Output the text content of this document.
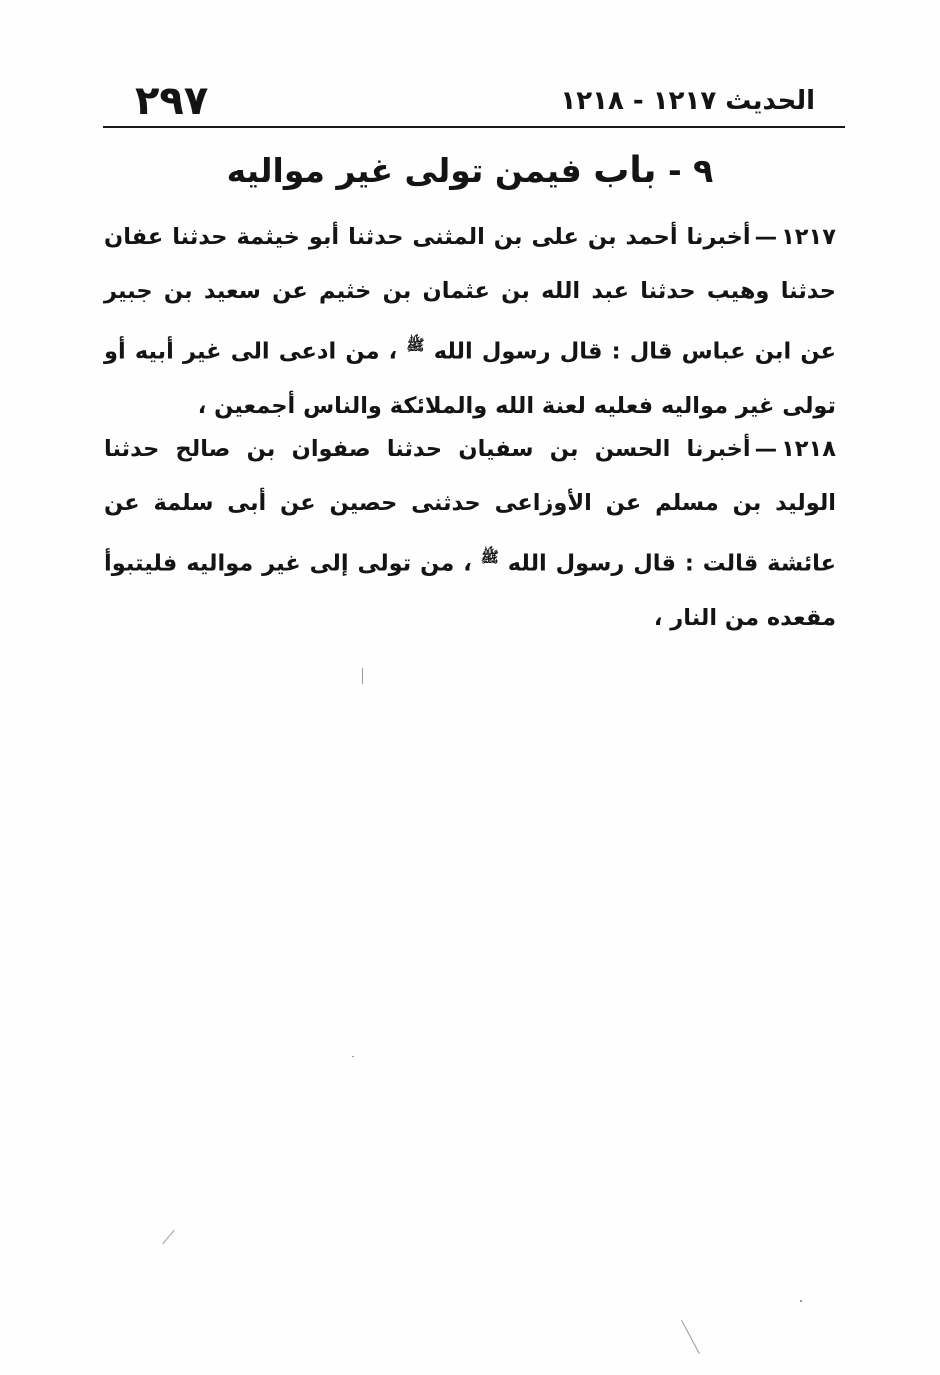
٢٩٧	الحديث ١٢١٧ - ١٢١٨
٩ - باب فيمن تولى غير مواليه
١٢١٧—أخبرنا أحمد بن على بن المثنى حدثنا أبو خيثمة حدثنا عفان حدثنا وهيب حدثنا عبد الله بن عثمان بن خثيم عن سعيد بن جبير عن ابن عباس قال : قال رسول الله $^ﷺ$ ، من ادعى الى غير أبيه أو تولى غير مواليه فعليه لعنة الله والملائكة والناس أجمعين ،
١٢١٨—أخبرنا الحسن بن سفيان حدثنا صفوان بن صالح حدثنا الوليد بن مسلم عن الأوزاعى حدثنى حصين عن أبى سلمة عن عائشة قالت : قال رسول الله $^ﷺ$ ، من تولى إلى غير مواليه فليتبوأ مقعده من النار ،
